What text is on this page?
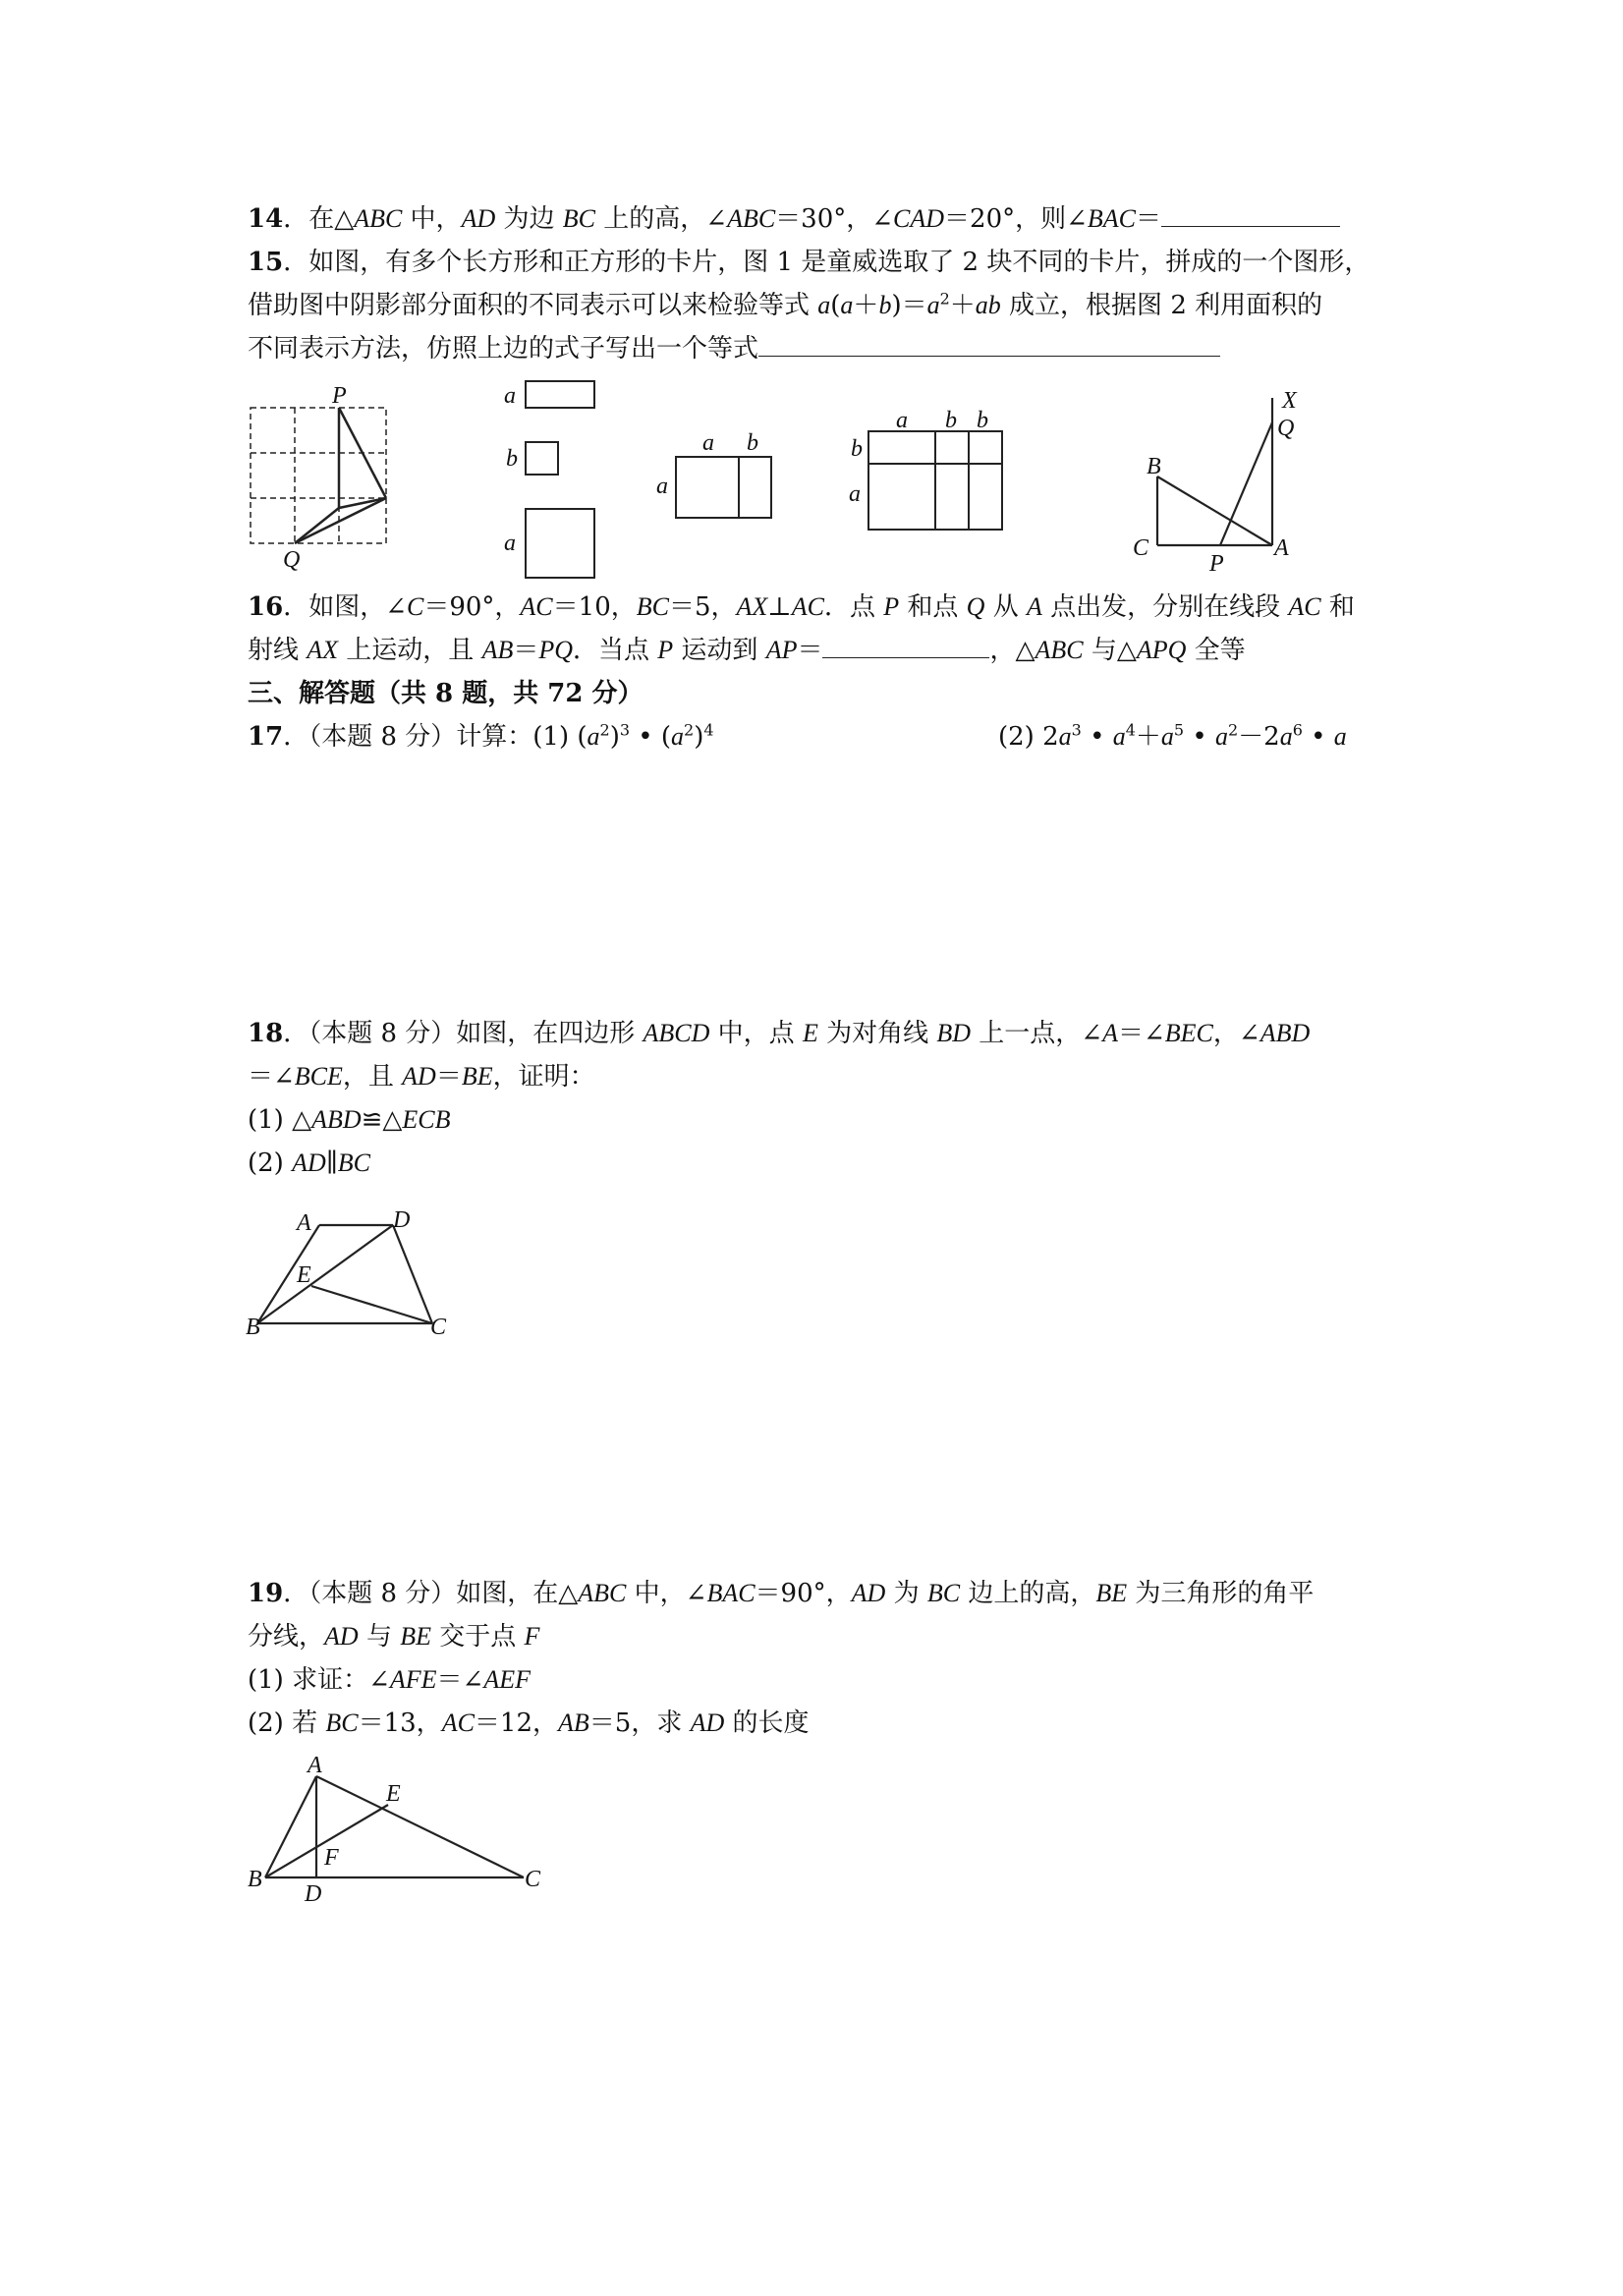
14．在△ABC 中，AD 为边 BC 上的高，∠ABC＝30°，∠CAD＝20°，则∠BAC＝
15．如图，有多个长方形和正方形的卡片，图 1 是童威选取了 2 块不同的卡片，拼成的一个图形，
借助图中阴影部分面积的不同表示可以来检验等式 $a(a+b)=a^2+ab$ 成立，根据图 2 利用面积的
不同表示方法，仿照上边的式子写出一个等式
P
Q
a
b
a
a b
a
a b b
b
a
X
Q
B
C
P
A
16．如图，∠C＝90°，AC＝10，BC＝5，AX⊥AC．点 P 和点 Q 从 A 点出发，分别在线段 AC 和
射线 AX 上运动，且 AB＝PQ．当点 P 运动到 AP＝	，△ABC 与△APQ 全等
三、解答题（共 8 题，共 72 分）
17．（本题 8 分）计算：(1) $(a^2)^3$ • $(a^2)^4$	(2) $2a^3$ • $a^4+a^5$ • $a^2-2a^6$ • a
18．（本题 8 分）如图，在四边形 ABCD 中，点 E 为对角线 BD 上一点，∠A＝∠BEC，∠ABD
＝∠BCE，且 AD＝BE，证明：
(1) △ABD≌△ECB
(2) AD∥BC
A	D
E
B	C
19．（本题 8 分）如图，在△ABC 中，∠BAC＝90°，AD 为 BC 边上的高，BE 为三角形的角平
分线，AD 与 BE 交于点 F
(1) 求证：∠AFE＝∠AEF
(2) 若 BC＝13，AC＝12，AB＝5，求 AD 的长度
A
E
F
B
D
C
